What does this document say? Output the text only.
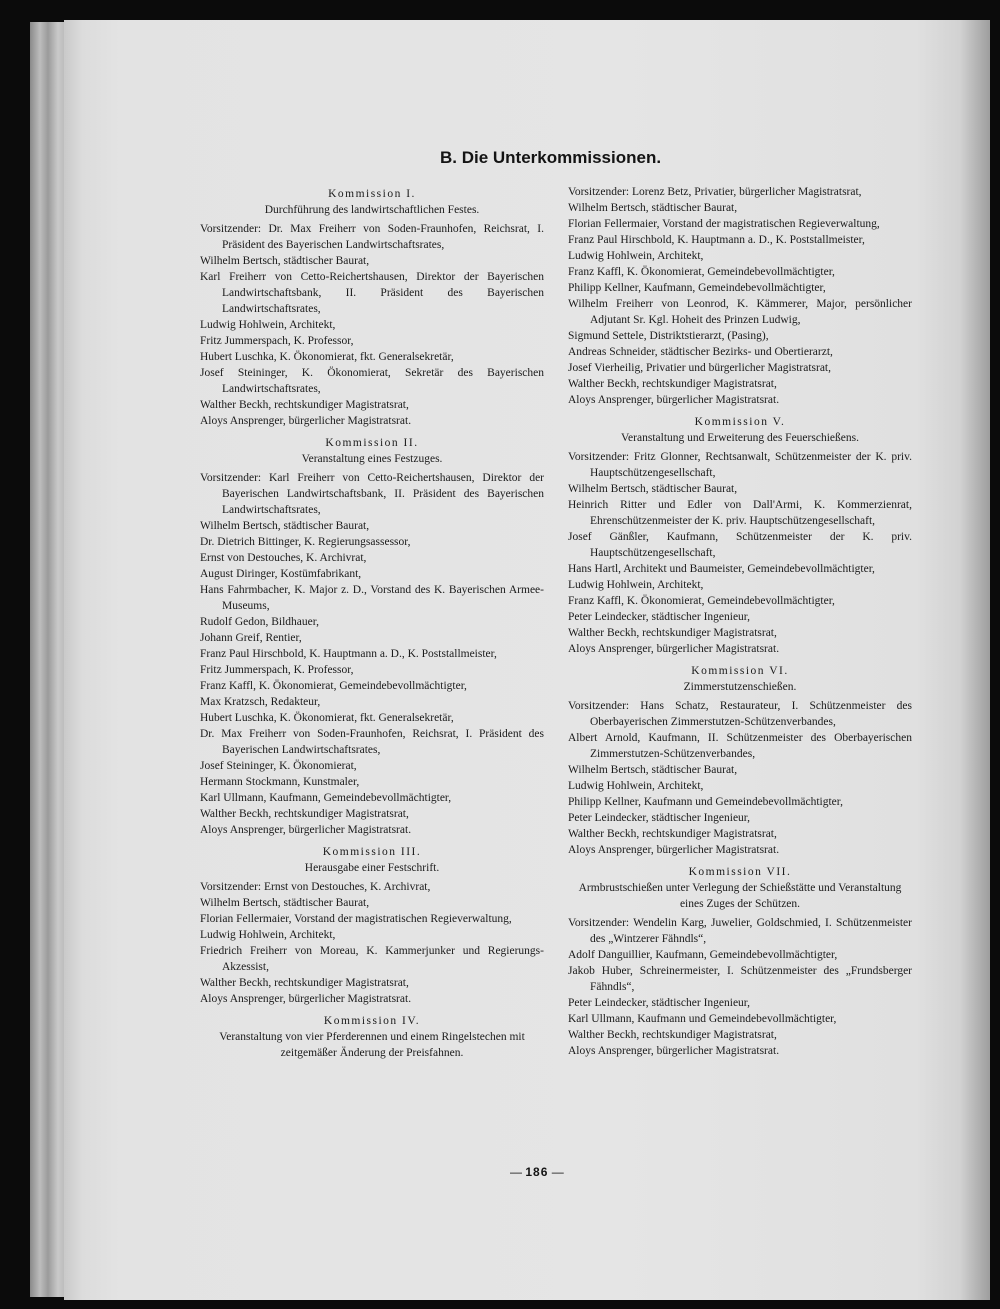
B. Die Unterkommissionen.
Kommission I.
Durchführung des landwirtschaftlichen Festes.
Vorsitzender: Dr. Max Freiherr von Soden-Fraunhofen, Reichsrat, I. Präsident des Bayerischen Landwirtschaftsrates,
Wilhelm Bertsch, städtischer Baurat,
Karl Freiherr von Cetto-Reichertshausen, Direktor der Bayerischen Landwirtschaftsbank, II. Präsident des Bayerischen Landwirtschaftsrates,
Ludwig Hohlwein, Architekt,
Fritz Jummerspach, K. Professor,
Hubert Luschka, K. Ökonomierat, fkt. Generalsekretär,
Josef Steininger, K. Ökonomierat, Sekretär des Bayerischen Landwirtschaftsrates,
Walther Beckh, rechtskundiger Magistratsrat,
Aloys Ansprenger, bürgerlicher Magistratsrat.
Kommission II.
Veranstaltung eines Festzuges.
Vorsitzender: Karl Freiherr von Cetto-Reichertshausen, Direktor der Bayerischen Landwirtschaftsbank, II. Präsident des Bayerischen Landwirtschaftsrates,
Wilhelm Bertsch, städtischer Baurat,
Dr. Dietrich Bittinger, K. Regierungsassessor,
Ernst von Destouches, K. Archivrat,
August Diringer, Kostümfabrikant,
Hans Fahrmbacher, K. Major z. D., Vorstand des K. Bayerischen Armee-Museums,
Rudolf Gedon, Bildhauer,
Johann Greif, Rentier,
Franz Paul Hirschbold, K. Hauptmann a. D., K. Poststallmeister,
Fritz Jummerspach, K. Professor,
Franz Kaffl, K. Ökonomierat, Gemeindebevollmächtigter,
Max Kratzsch, Redakteur,
Hubert Luschka, K. Ökonomierat, fkt. Generalsekretär,
Dr. Max Freiherr von Soden-Fraunhofen, Reichsrat, I. Präsident des Bayerischen Landwirtschaftsrates,
Josef Steininger, K. Ökonomierat,
Hermann Stockmann, Kunstmaler,
Karl Ullmann, Kaufmann, Gemeindebevollmächtigter,
Walther Beckh, rechtskundiger Magistratsrat,
Aloys Ansprenger, bürgerlicher Magistratsrat.
Kommission III.
Herausgabe einer Festschrift.
Vorsitzender: Ernst von Destouches, K. Archivrat,
Wilhelm Bertsch, städtischer Baurat,
Florian Fellermaier, Vorstand der magistratischen Regieverwaltung,
Ludwig Hohlwein, Architekt,
Friedrich Freiherr von Moreau, K. Kammerjunker und Regierungs-Akzessist,
Walther Beckh, rechtskundiger Magistratsrat,
Aloys Ansprenger, bürgerlicher Magistratsrat.
Kommission IV.
Veranstaltung von vier Pferderennen und einem Ringelstechen mit zeitgemäßer Änderung der Preisfahnen.
Vorsitzender: Lorenz Betz, Privatier, bürgerlicher Magistratsrat,
Wilhelm Bertsch, städtischer Baurat,
Florian Fellermaier, Vorstand der magistratischen Regieverwaltung,
Franz Paul Hirschbold, K. Hauptmann a. D., K. Poststallmeister,
Ludwig Hohlwein, Architekt,
Franz Kaffl, K. Ökonomierat, Gemeindebevollmächtigter,
Philipp Kellner, Kaufmann, Gemeindebevollmächtigter,
Wilhelm Freiherr von Leonrod, K. Kämmerer, Major, persönlicher Adjutant Sr. Kgl. Hoheit des Prinzen Ludwig,
Sigmund Settele, Distriktstierarzt, (Pasing),
Andreas Schneider, städtischer Bezirks- und Obertierarzt,
Josef Vierheilig, Privatier und bürgerlicher Magistratsrat,
Walther Beckh, rechtskundiger Magistratsrat,
Aloys Ansprenger, bürgerlicher Magistratsrat.
Kommission V.
Veranstaltung und Erweiterung des Feuerschießens.
Vorsitzender: Fritz Glonner, Rechtsanwalt, Schützenmeister der K. priv. Hauptschützengesellschaft,
Wilhelm Bertsch, städtischer Baurat,
Heinrich Ritter und Edler von Dall'Armi, K. Kommerzienrat, Ehrenschützenmeister der K. priv. Hauptschützengesellschaft,
Josef Gänßler, Kaufmann, Schützenmeister der K. priv. Hauptschützengesellschaft,
Hans Hartl, Architekt und Baumeister, Gemeindebevollmächtigter,
Ludwig Hohlwein, Architekt,
Franz Kaffl, K. Ökonomierat, Gemeindebevollmächtigter,
Peter Leindecker, städtischer Ingenieur,
Walther Beckh, rechtskundiger Magistratsrat,
Aloys Ansprenger, bürgerlicher Magistratsrat.
Kommission VI.
Zimmerstutzenschießen.
Vorsitzender: Hans Schatz, Restaurateur, I. Schützenmeister des Oberbayerischen Zimmerstutzen-Schützenverbandes,
Albert Arnold, Kaufmann, II. Schützenmeister des Oberbayerischen Zimmerstutzen-Schützenverbandes,
Wilhelm Bertsch, städtischer Baurat,
Ludwig Hohlwein, Architekt,
Philipp Kellner, Kaufmann und Gemeindebevollmächtigter,
Peter Leindecker, städtischer Ingenieur,
Walther Beckh, rechtskundiger Magistratsrat,
Aloys Ansprenger, bürgerlicher Magistratsrat.
Kommission VII.
Armbrustschießen unter Verlegung der Schießstätte und Veranstaltung eines Zuges der Schützen.
Vorsitzender: Wendelin Karg, Juwelier, Goldschmied, I. Schützenmeister des „Wintzerer Fähndls“,
Adolf Danguillier, Kaufmann, Gemeindebevollmächtigter,
Jakob Huber, Schreinermeister, I. Schützenmeister des „Frundsberger Fähndls“,
Peter Leindecker, städtischer Ingenieur,
Karl Ullmann, Kaufmann und Gemeindebevollmächtigter,
Walther Beckh, rechtskundiger Magistratsrat,
Aloys Ansprenger, bürgerlicher Magistratsrat.
— 186 —
